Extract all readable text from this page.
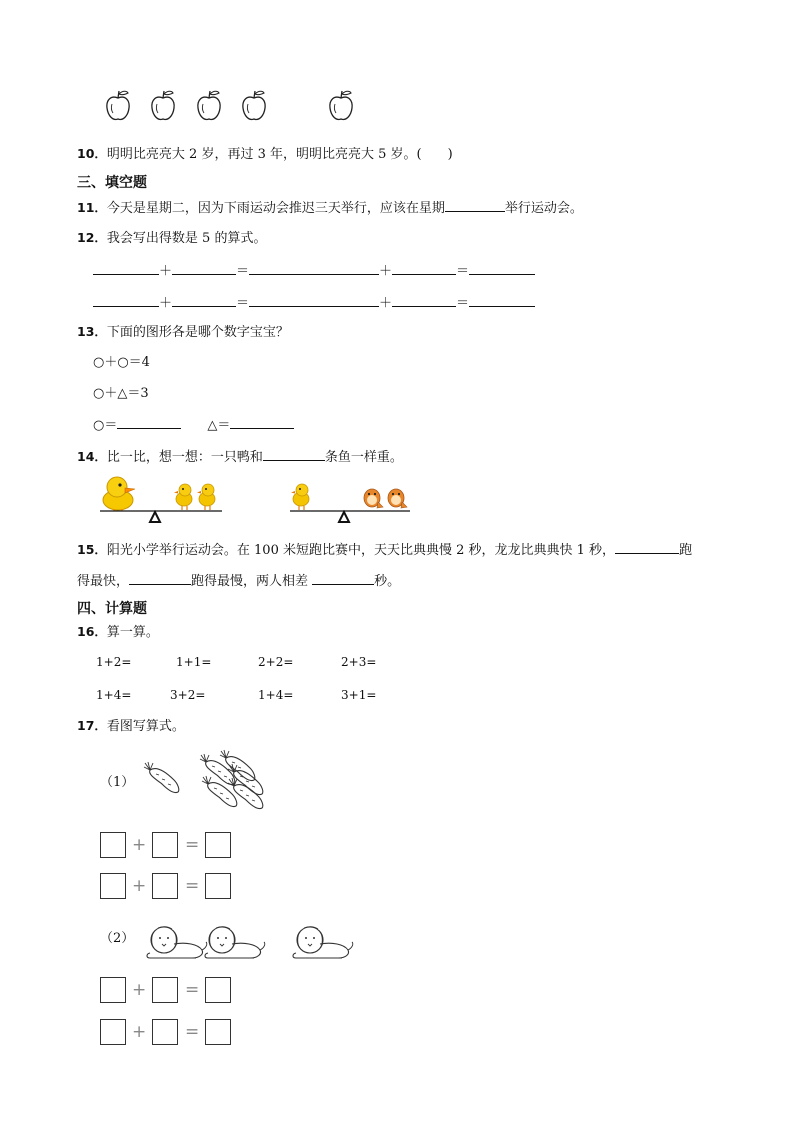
10．明明比亮亮大 2 岁，再过 3 年，明明比亮亮大 5 岁。(　　)
三、填空题
11．今天是星期二，因为下雨运动会推迟三天举行，应该在星期	举行运动会。
12．我会写出得数是 5 的算式。
＋	＝	＋	＝
＋	＝	＋	＝
13．下面的图形各是哪个数字宝宝？
○＋○＝4
○＋△＝3
○＝	△＝
14．比一比，想一想：一只鸭和	条鱼一样重。
15．阳光小学举行运动会。在 100 米短跑比赛中，天天比典典慢 2 秒，龙龙比典典快 1 秒，	跑
得最快，	跑得最慢，两人相差	秒。
四、计算题
16．算一算。
1+2=	1+1=	2+2=	2+3=
1+4=	3+2=	1+4=	3+1=
17．看图写算式。
（1）
+ =
+ =
（2）
+ =
+ =
